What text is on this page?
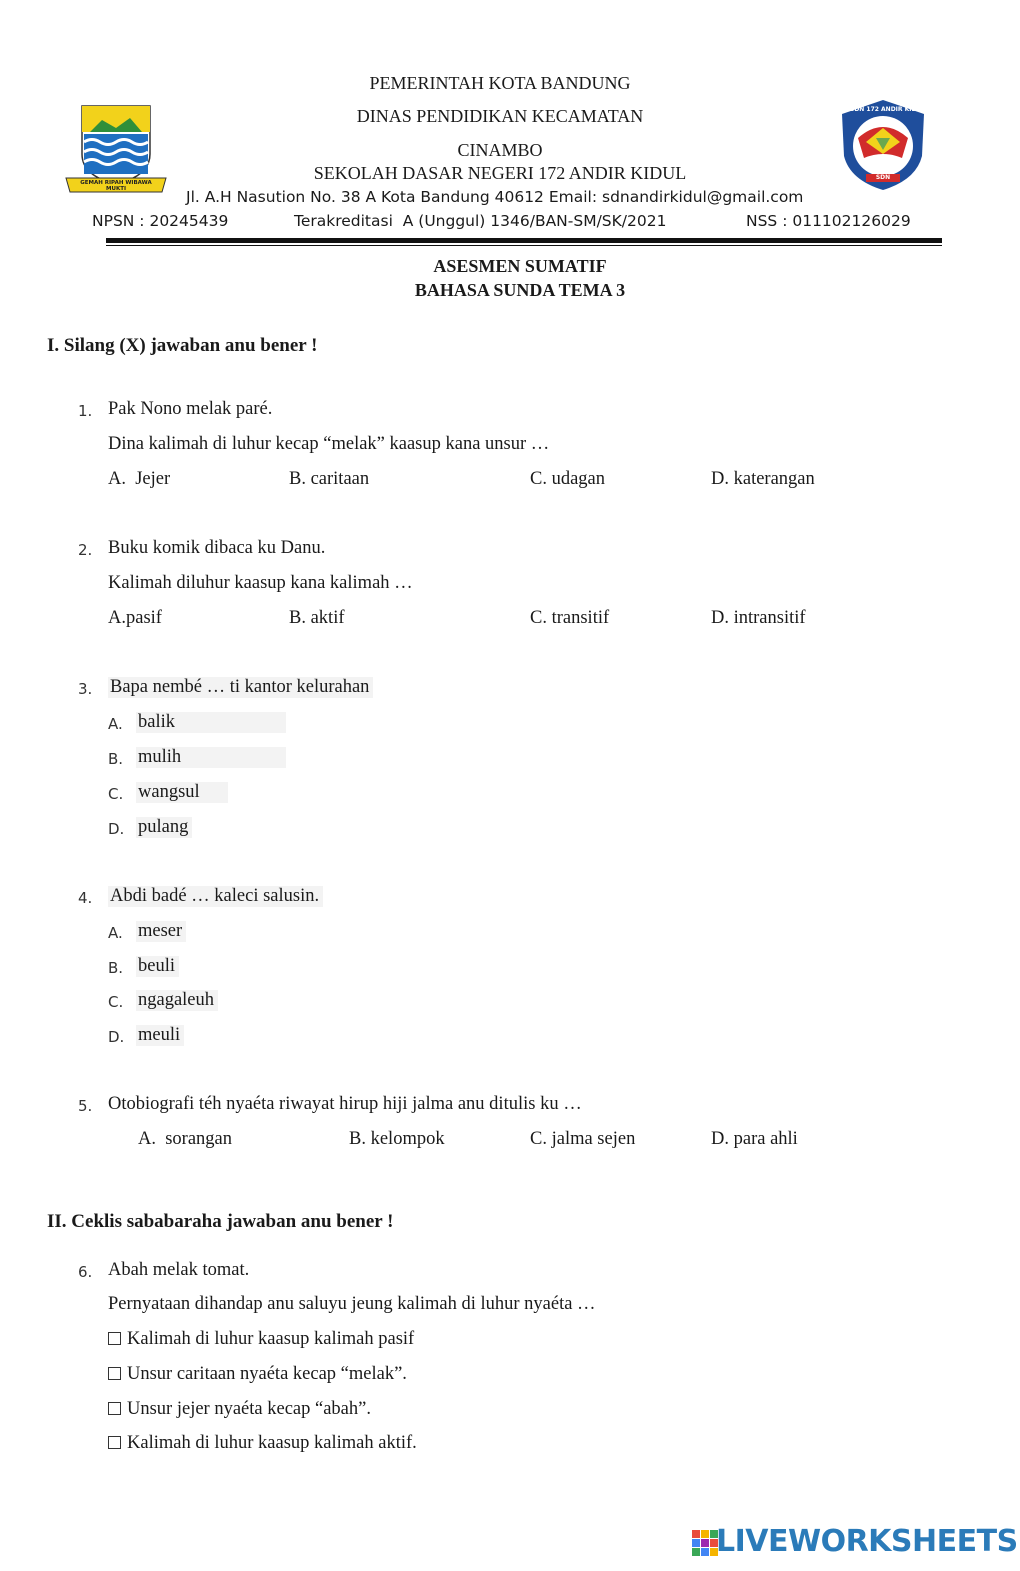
GEMAH RIPAH WIBAWA MUKTI
SDN 172 ANDIR KIDUL BANDUNG
SDN
PEMERINTAH KOTA BANDUNG
DINAS PENDIDIKAN KECAMATAN
CINAMBO
SEKOLAH DASAR NEGERI 172 ANDIR KIDUL
Jl. A.H Nasution No. 38 A Kota Bandung 40612 Email: sdnandirkidul@gmail.com
NPSN : 20245439	Terakreditasi  A (Unggul) 1346/BAN-SM/SK/2021	NSS : 011102126029
ASESMEN SUMATIF
BAHASA SUNDA TEMA 3
I. Silang (X) jawaban anu bener !
1. Pak Nono melak paré.
Dina kalimah di luhur kecap “melak” kaasup kana unsur …
A.  Jejer	B. caritaan	C. udagan	D. katerangan
2. Buku komik dibaca ku Danu.
Kalimah diluhur kaasup kana kalimah …
A.pasif	B. aktif	C. transitif	D. intransitif
3. Bapa nembé … ti kantor kelurahan
A. balik
B. mulih
C. wangsul
D. pulang
4. Abdi badé … kaleci salusin.
A. meser
B. beuli
C. ngagaleuh
D. meuli
5. Otobiografi téh nyaéta riwayat hirup hiji jalma anu ditulis ku …
A.  sorangan	B. kelompok	C. jalma sejen	D. para ahli
II. Ceklis sababaraha jawaban anu bener !
6. Abah melak tomat.
Pernyataan dihandap anu saluyu jeung kalimah di luhur nyaéta …
Kalimah di luhur kaasup kalimah pasif
Unsur caritaan nyaéta kecap “melak”.
Unsur jejer nyaéta kecap “abah”.
Kalimah di luhur kaasup kalimah aktif.
LIVEWORKSHEETS
